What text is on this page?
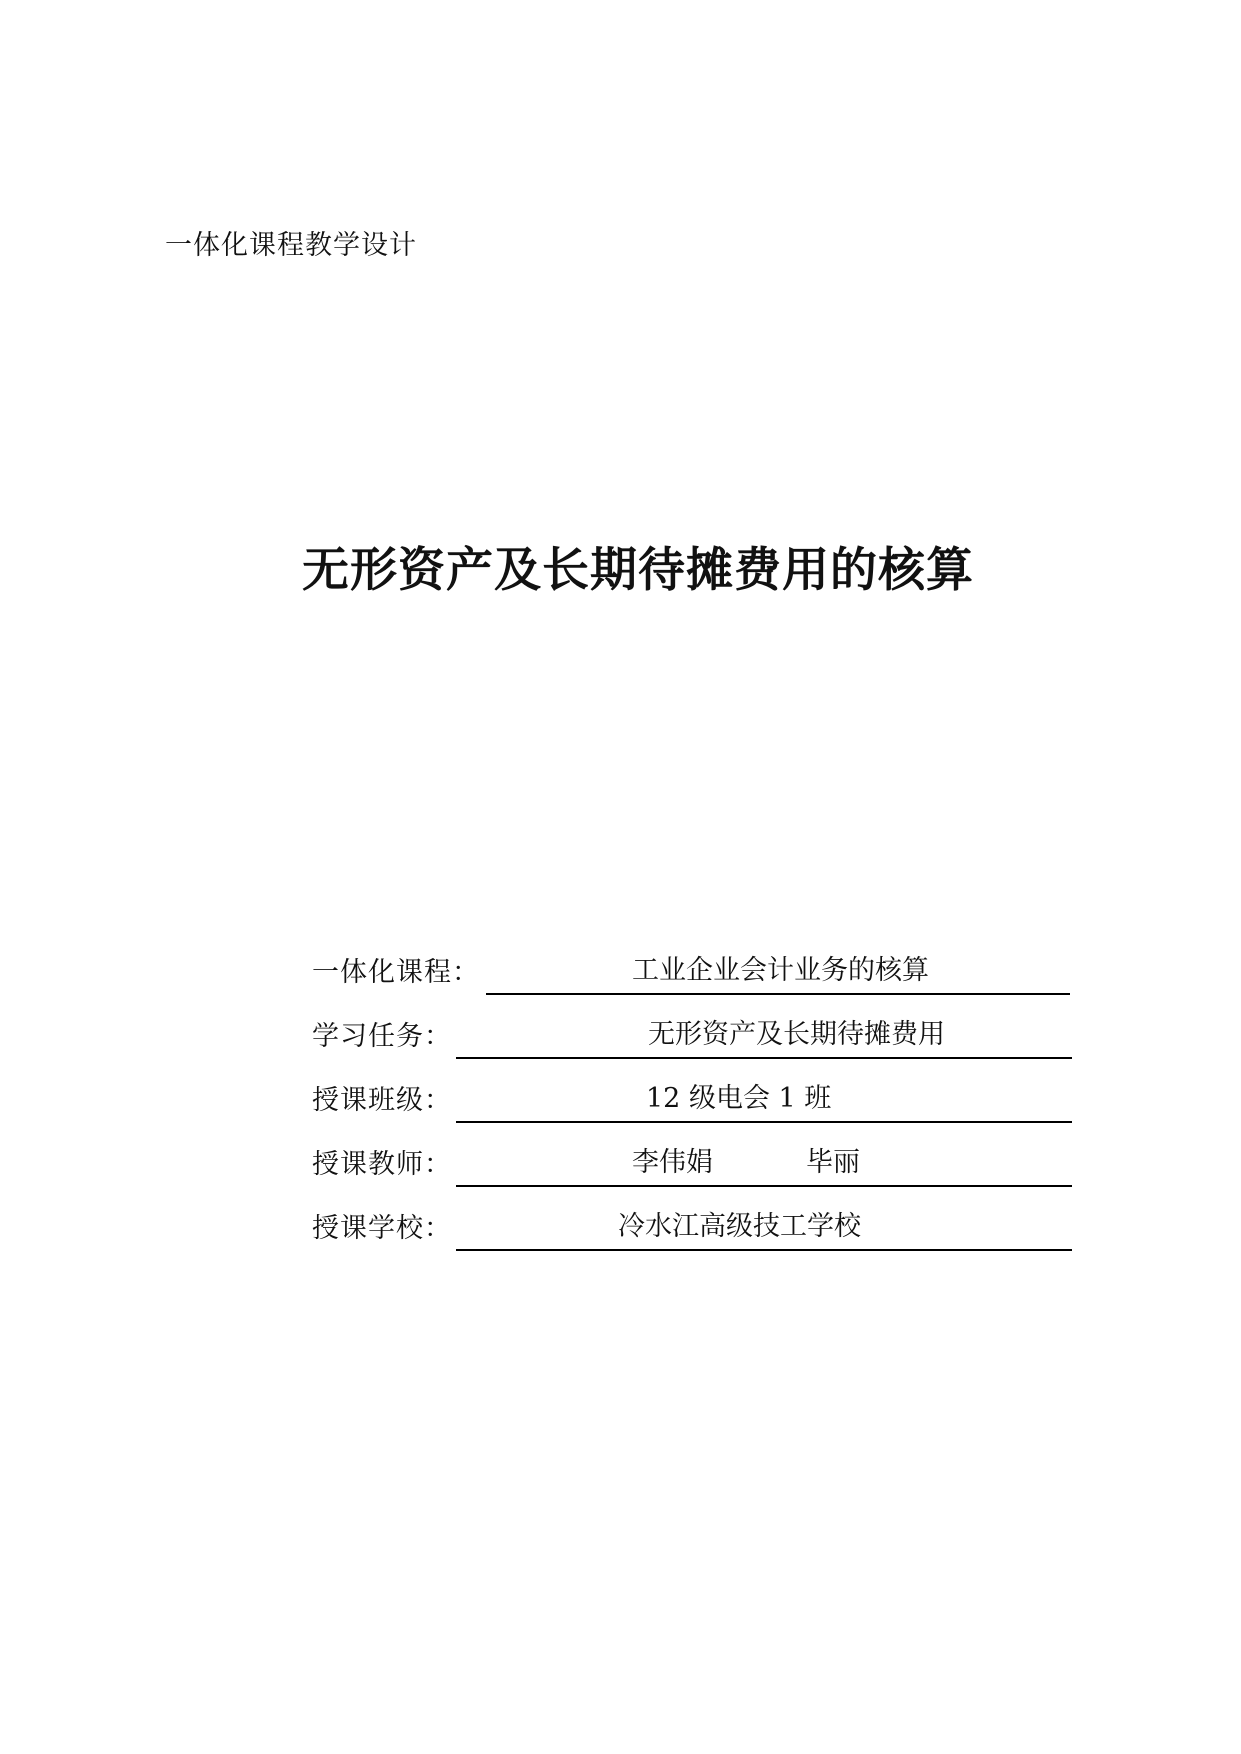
一体化课程教学设计
无形资产及长期待摊费用的核算
一体化课程：	工业企业会计业务的核算
学习任务：	无形资产及长期待摊费用
授课班级：	12 级电会 1 班
授课教师：	李伟娟	毕丽
授课学校：	冷水江高级技工学校
